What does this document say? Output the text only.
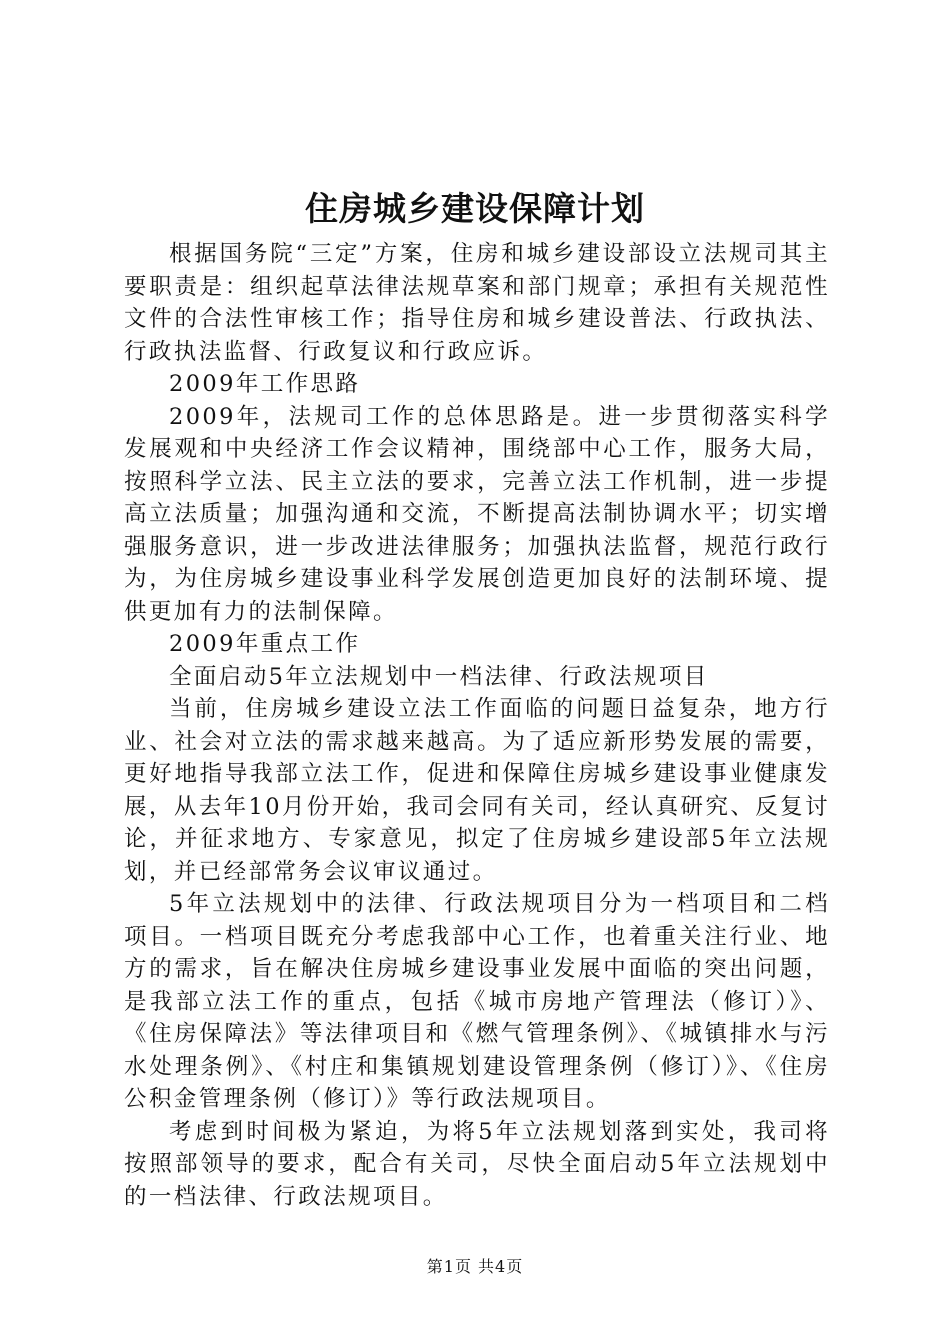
住房城乡建设保障计划

根据国务院“三定”方案，住房和城乡建设部设立法规司其主要职责是：组织起草法律法规草案和部门规章；承担有关规范性文件的合法性审核工作；指导住房和城乡建设普法、行政执法、行政执法监督、行政复议和行政应诉。

2009年工作思路

2009年，法规司工作的总体思路是。进一步贯彻落实科学发展观和中央经济工作会议精神，围绕部中心工作，服务大局，按照科学立法、民主立法的要求，完善立法工作机制，进一步提高立法质量；加强沟通和交流，不断提高法制协调水平；切实增强服务意识，进一步改进法律服务；加强执法监督，规范行政行为，为住房城乡建设事业科学发展创造更加良好的法制环境、提供更加有力的法制保障。

2009年重点工作

全面启动5年立法规划中一档法律、行政法规项目

当前，住房城乡建设立法工作面临的问题日益复杂，地方行业、社会对立法的需求越来越高。为了适应新形势发展的需要，更好地指导我部立法工作，促进和保障住房城乡建设事业健康发展，从去年10月份开始，我司会同有关司，经认真研究、反复讨论，并征求地方、专家意见，拟定了住房城乡建设部5年立法规划，并已经部常务会议审议通过。

5年立法规划中的法律、行政法规项目分为一档项目和二档项目。一档项目既充分考虑我部中心工作，也着重关注行业、地方的需求，旨在解决住房城乡建设事业发展中面临的突出问题，是我部立法工作的重点，包括《城市房地产管理法（修订）》、《住房保障法》等法律项目和《燃气管理条例》、《城镇排水与污水处理条例》、《村庄和集镇规划建设管理条例（修订）》、《住房公积金管理条例（修订）》等行政法规项目。

考虑到时间极为紧迫，为将5年立法规划落到实处，我司将按照部领导的要求，配合有关司，尽快全面启动5年立法规划中的一档法律、行政法规项目。

第1页 共4页
